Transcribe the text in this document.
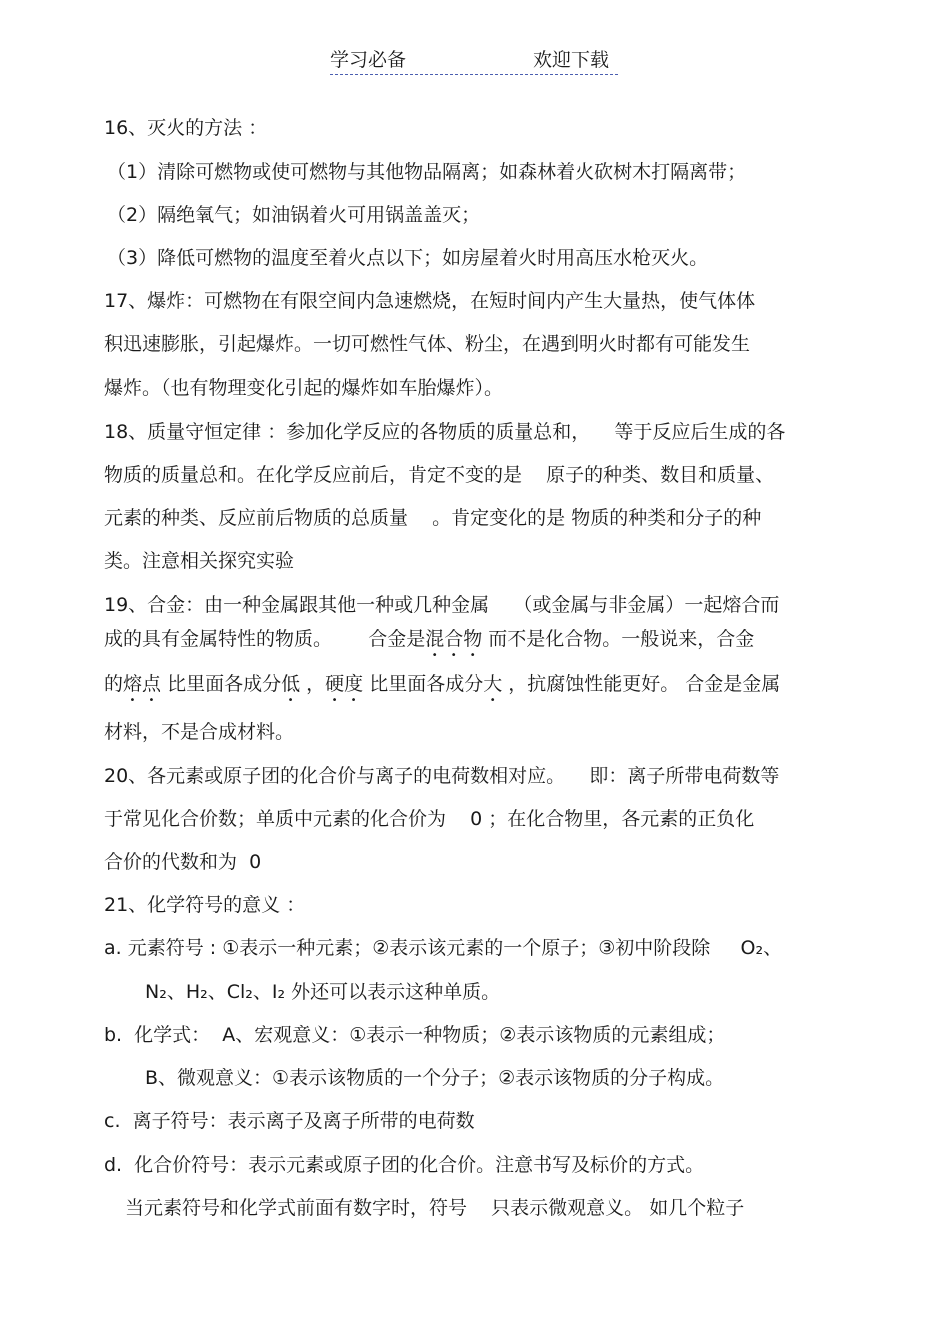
学习必备	欢迎下载
16、灭火的方法 ：
（1）清除可燃物或使可燃物与其他物品隔离；如森林着火砍树木打隔离带；
（2）隔绝氧气；如油锅着火可用锅盖盖灭；
（3）降低可燃物的温度至着火点以下；如房屋着火时用高压水枪灭火。
17、爆炸：可燃物在有限空间内急速燃烧，在短时间内产生大量热，使气体体
积迅速膨胀，引起爆炸。一切可燃性气体、粉尘，在遇到明火时都有可能发生
爆炸。（也有物理变化引起的爆炸如车胎爆炸）。
18、质量守恒定律 ：参加化学反应的各物质的质量总和，    等于反应后生成的各
物质的质量总和。在化学反应前后，肯定不变的是    原子的种类、数目和质量、
元素的种类、反应前后物质的总质量    。肯定变化的是 物质的种类和分子的种
类。注意相关探究实验
19、合金：由一种金属跟其他一种或几种金属    （或金属与非金属）一起熔合而
成的具有金属特性的物质。      合金是混合物 而不是化合物。一般说来，合金
的熔点 比里面各成分低 ，硬度 比里面各成分大 ，抗腐蚀性能更好。 合金是金属
材料，不是合成材料。
20、各元素或原子团的化合价与离子的电荷数相对应。    即：离子所带电荷数等
于常见化合价数；单质中元素的化合价为    0 ；在化合物里，各元素的正负化
合价的代数和为  0
21、化学符号的意义 ：
a. 元素符号 : ①表示一种元素；②表示该元素的一个原子；③初中阶段除     O₂、
N₂、H₂、Cl₂、I₂ 外还可以表示这种单质。
b.  化学式：  A、宏观意义：①表示一种物质；②表示该物质的元素组成；
B、微观意义：①表示该物质的一个分子；②表示该物质的分子构成。
c.  离子符号：表示离子及离子所带的电荷数
d.  化合价符号：表示元素或原子团的化合价。注意书写及标价的方式。
当元素符号和化学式前面有数字时，符号    只表示微观意义。 如几个粒子
